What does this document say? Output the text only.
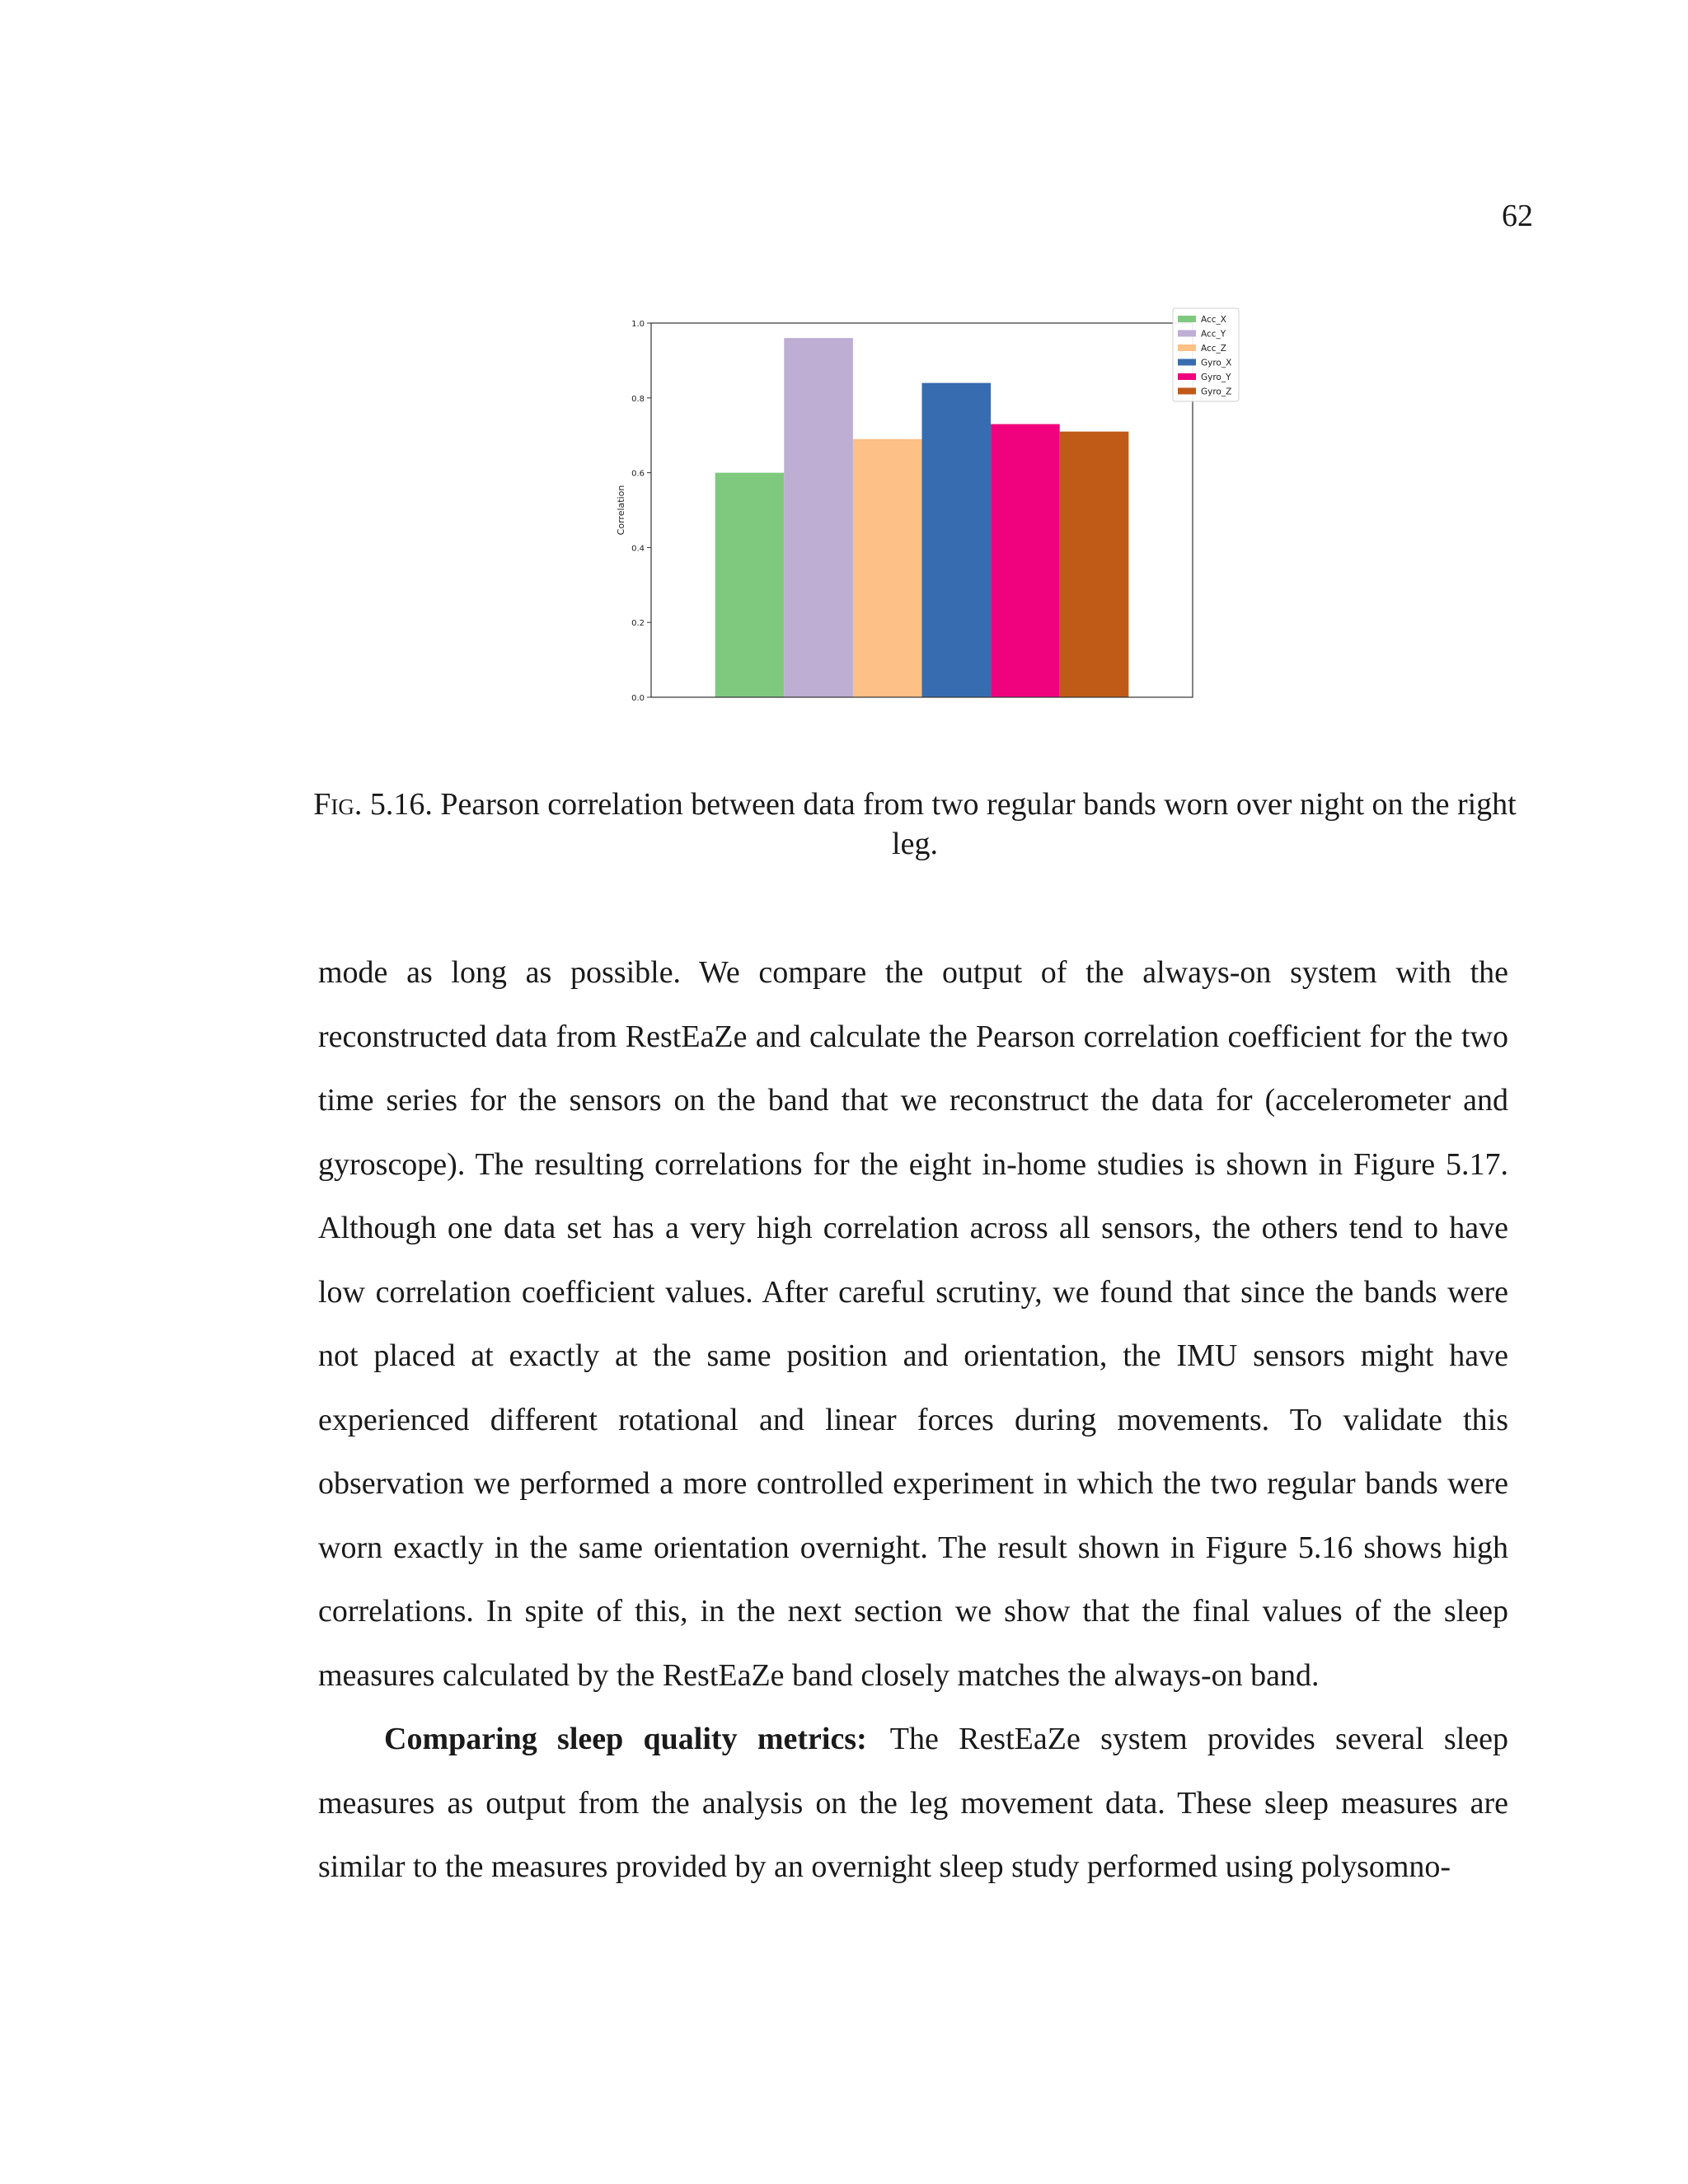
62
0.0
0.2
0.4
0.6
0.8
1.0
Correlation
Acc_X
Acc_Y
Acc_Z
Gyro_X
Gyro_Y
Gyro_Z
Fig. 5.16. Pearson correlation between data from two regular bands worn over night on the right leg.

mode as long as possible. We compare the output of the always-on system with the reconstructed data from RestEaZe and calculate the Pearson correlation coefficient for the two time series for the sensors on the band that we reconstruct the data for (accelerometer and gyroscope). The resulting correlations for the eight in-home studies is shown in Figure 5.17. Although one data set has a very high correlation across all sensors, the others tend to have low correlation coefficient values. After careful scrutiny, we found that since the bands were not placed at exactly at the same position and orientation, the IMU sensors might have experienced different rotational and linear forces during movements. To validate this observation we performed a more controlled experiment in which the two regular bands were worn exactly in the same orientation overnight. The result shown in Figure 5.16 shows high correlations. In spite of this, in the next section we show that the final values of the sleep measures calculated by the RestEaZe band closely matches the always-on band.

Comparing sleep quality metrics: The RestEaZe system provides several sleep measures as output from the analysis on the leg movement data. These sleep measures are similar to the measures provided by an overnight sleep study performed using polysomno-
